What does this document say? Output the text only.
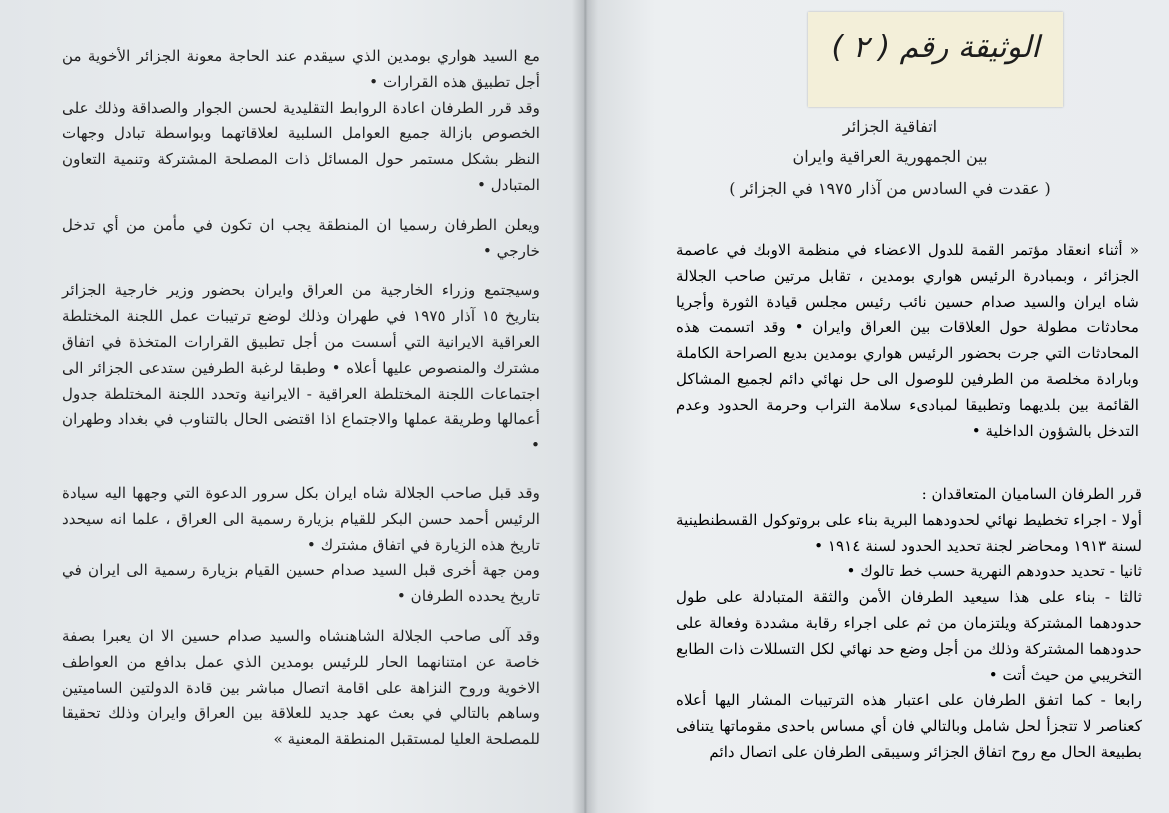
مع السيد هواري بومدين الذي سيقدم عند الحاجة معونة الجزائر الأخوية من أجل تطبيق هذه القرارات •

وقد قرر الطرفان اعادة الروابط التقليدية لحسن الجوار والصداقة وذلك على الخصوص بازالة جميع العوامل السلبية لعلاقاتهما وبواسطة تبادل وجهات النظر بشكل مستمر حول المسائل ذات المصلحة المشتركة وتنمية التعاون المتبادل •

ويعلن الطرفان رسميا ان المنطقة يجب ان تكون في مأمن من أي تدخل خارجي •

وسيجتمع وزراء الخارجية من العراق وايران بحضور وزير خارجية الجزائر بتاريخ ١٥ آذار ١٩٧٥ في طهران وذلك لوضع ترتيبات عمل اللجنة المختلطة العراقية الايرانية التي أسست من أجل تطبيق القرارات المتخذة في اتفاق مشترك والمنصوص عليها أعلاه • وطبقا لرغبة الطرفين ستدعى الجزائر الى اجتماعات اللجنة المختلطة العراقية - الايرانية وتحدد اللجنة المختلطة جدول أعمالها وطريقة عملها والاجتماع اذا اقتضى الحال بالتناوب في بغداد وطهران •

وقد قبل صاحب الجلالة شاه ايران بكل سرور الدعوة التي وجهها اليه سيادة الرئيس أحمد حسن البكر للقيام بزيارة رسمية الى العراق ، علما انه سيحدد تاريخ هذه الزيارة في اتفاق مشترك •

ومن جهة أخرى قبل السيد صدام حسين القيام بزيارة رسمية الى ايران في تاريخ يحدده الطرفان •

وقد آلى صاحب الجلالة الشاهنشاه والسيد صدام حسين الا ان يعبرا بصفة خاصة عن امتنانهما الحار للرئيس بومدين الذي عمل بدافع من العواطف الاخوية وروح النزاهة على اقامة اتصال مباشر بين قادة الدولتين الساميتين وساهم بالتالي في بعث عهد جديد للعلاقة بين العراق وايران وذلك تحقيقا للمصلحة العليا لمستقبل المنطقة المعنية »

الوثيقة رقم ( ٢ )
اتفاقية الجزائر
بين الجمهورية العراقية وايران
( عقدت في السادس من آذار ١٩٧٥ في الجزائر )

« أثناء انعقاد مؤتمر القمة للدول الاعضاء في منظمة الاوبك في عاصمة الجزائر ، وبمبادرة الرئيس هواري بومدين ، تقابل مرتين صاحب الجلالة شاه ايران والسيد صدام حسين نائب رئيس مجلس قيادة الثورة وأجريا محادثات مطولة حول العلاقات بين العراق وايران • وقد اتسمت هذه المحادثات التي جرت بحضور الرئيس هواري بومدين بديع الصراحة الكاملة وبارادة مخلصة من الطرفين للوصول الى حل نهائي دائم لجميع المشاكل القائمة بين بلديهما وتطبيقا لمبادىء سلامة التراب وحرمة الحدود وعدم التدخل بالشؤون الداخلية •

قرر الطرفان الساميان المتعاقدان :

أولا - اجراء تخطيط نهائي لحدودهما البرية بناء على بروتوكول القسطنطينية لسنة ١٩١٣ ومحاضر لجنة تحديد الحدود لسنة ١٩١٤ •

ثانيا - تحديد حدودهم النهرية حسب خط تالوك •

ثالثا - بناء على هذا سيعيد الطرفان الأمن والثقة المتبادلة على طول حدودهما المشتركة ويلتزمان من ثم على اجراء رقابة مشددة وفعالة على حدودهما المشتركة وذلك من أجل وضع حد نهائي لكل التسللات ذات الطابع التخريبي من حيث أتت •

رابعا - كما اتفق الطرفان على اعتبار هذه الترتيبات المشار اليها أعلاه كعناصر لا تتجزأ لحل شامل وبالتالي فان أي مساس باحدى مقوماتها يتنافى بطبيعة الحال مع روح اتفاق الجزائر وسيبقى الطرفان على اتصال دائم
